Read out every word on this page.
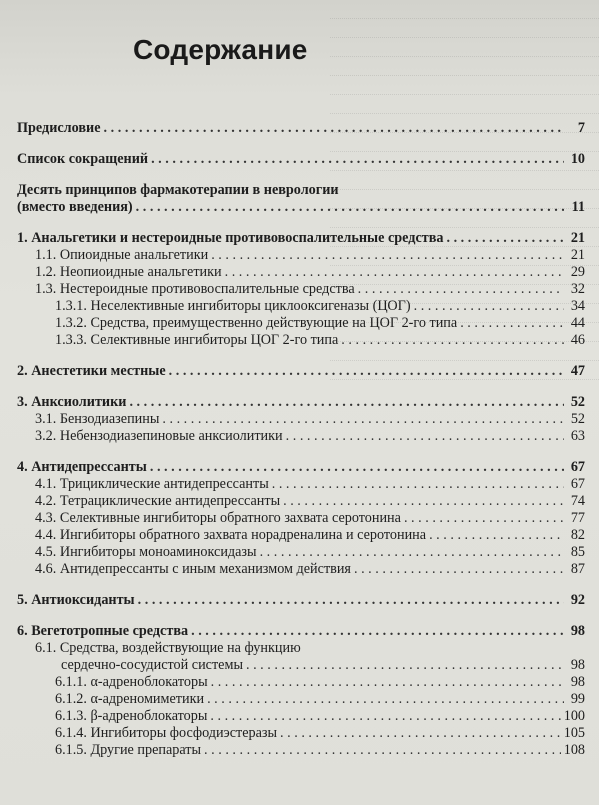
Содержание
Предисловие . . .	7
Список сокращений . . .	10
Десять принципов фармакотерапии в неврологии
(вместо введения) . . .	11
1. Анальгетики и нестероидные противовоспалительные средства . . .	21
1.1. Опиоидные анальгетики . . .	21
1.2. Неопиоидные анальгетики . . .	29
1.3. Нестероидные противовоспалительные средства . . .	32
1.3.1. Неселективные ингибиторы циклооксигеназы (ЦОГ) . . .	34
1.3.2. Средства, преимущественно действующие на ЦОГ 2-го типа . . .	44
1.3.3. Селективные ингибиторы ЦОГ 2-го типа . . .	46
2. Анестетики местные . . .	47
3. Анксиолитики . . .	52
3.1. Бензодиазепины . . .	52
3.2. Небензодиазепиновые анксиолитики . . .	63
4. Антидепрессанты . . .	67
4.1. Трициклические антидепрессанты . . .	67
4.2. Тетрациклические антидепрессанты . . .	74
4.3. Селективные ингибиторы обратного захвата серотонина . . .	77
4.4. Ингибиторы обратного захвата норадреналина и серотонина . . .	82
4.5. Ингибиторы моноаминоксидазы . . .	85
4.6. Антидепрессанты с иным механизмом действия . . .	87
5. Антиоксиданты . . .	92
6. Вегетотропные средства . . .	98
6.1. Средства, воздействующие на функцию
сердечно-сосудистой системы . . .	98
6.1.1. α-адреноблокаторы . . .	98
6.1.2. α-адреномиметики . . .	99
6.1.3. β-адреноблокаторы . . .	100
6.1.4. Ингибиторы фосфодиэстеразы . . .	105
6.1.5. Другие препараты . . .	108
